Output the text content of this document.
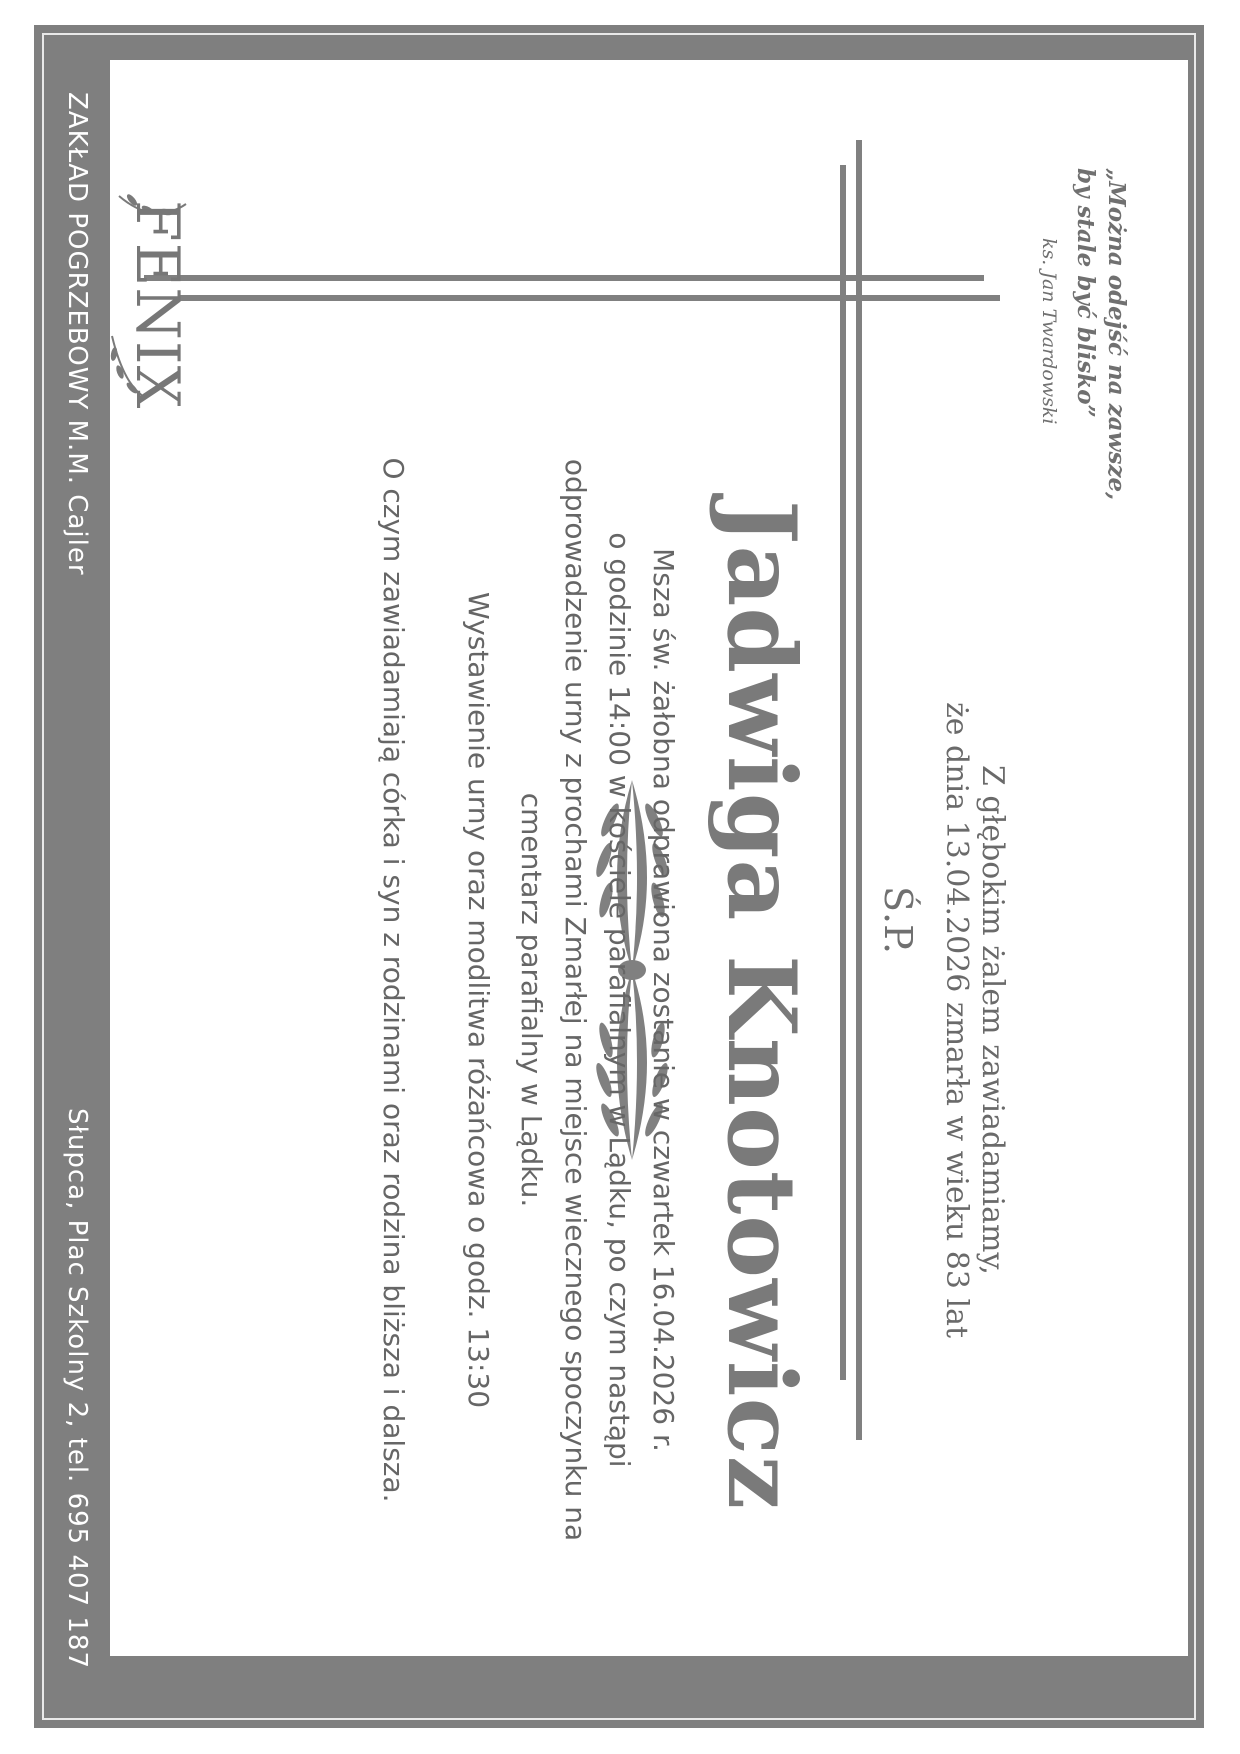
„Można odejść na zawsze,
by stale być blisko”
ks. Jan Twardowski
FENIX
Z głębokim żalem zawiadamiamy,
że dnia 13.04.2026 zmarła w wieku 83 lat
Ś.P.
Jadwiga Knotowicz
Msza św. żałobna odprawiona zostanie w czwartek 16.04.2026 r.
o godzinie 14:00 w kościele parafialnym w Lądku, po czym nastąpi
odprowadzenie urny z prochami Zmarłej na miejsce wiecznego spoczynku na
cmentarz parafialny w Lądku.
Wystawienie urny oraz modlitwa różańcowa o godz. 13:30
O czym zawiadamiają córka i syn z rodzinami oraz rodzina bliższa i dalsza.
ZAKŁAD POGRZEBOWY M.M. Cajler
Słupca, Plac Szkolny 2, tel. 695 407 187
